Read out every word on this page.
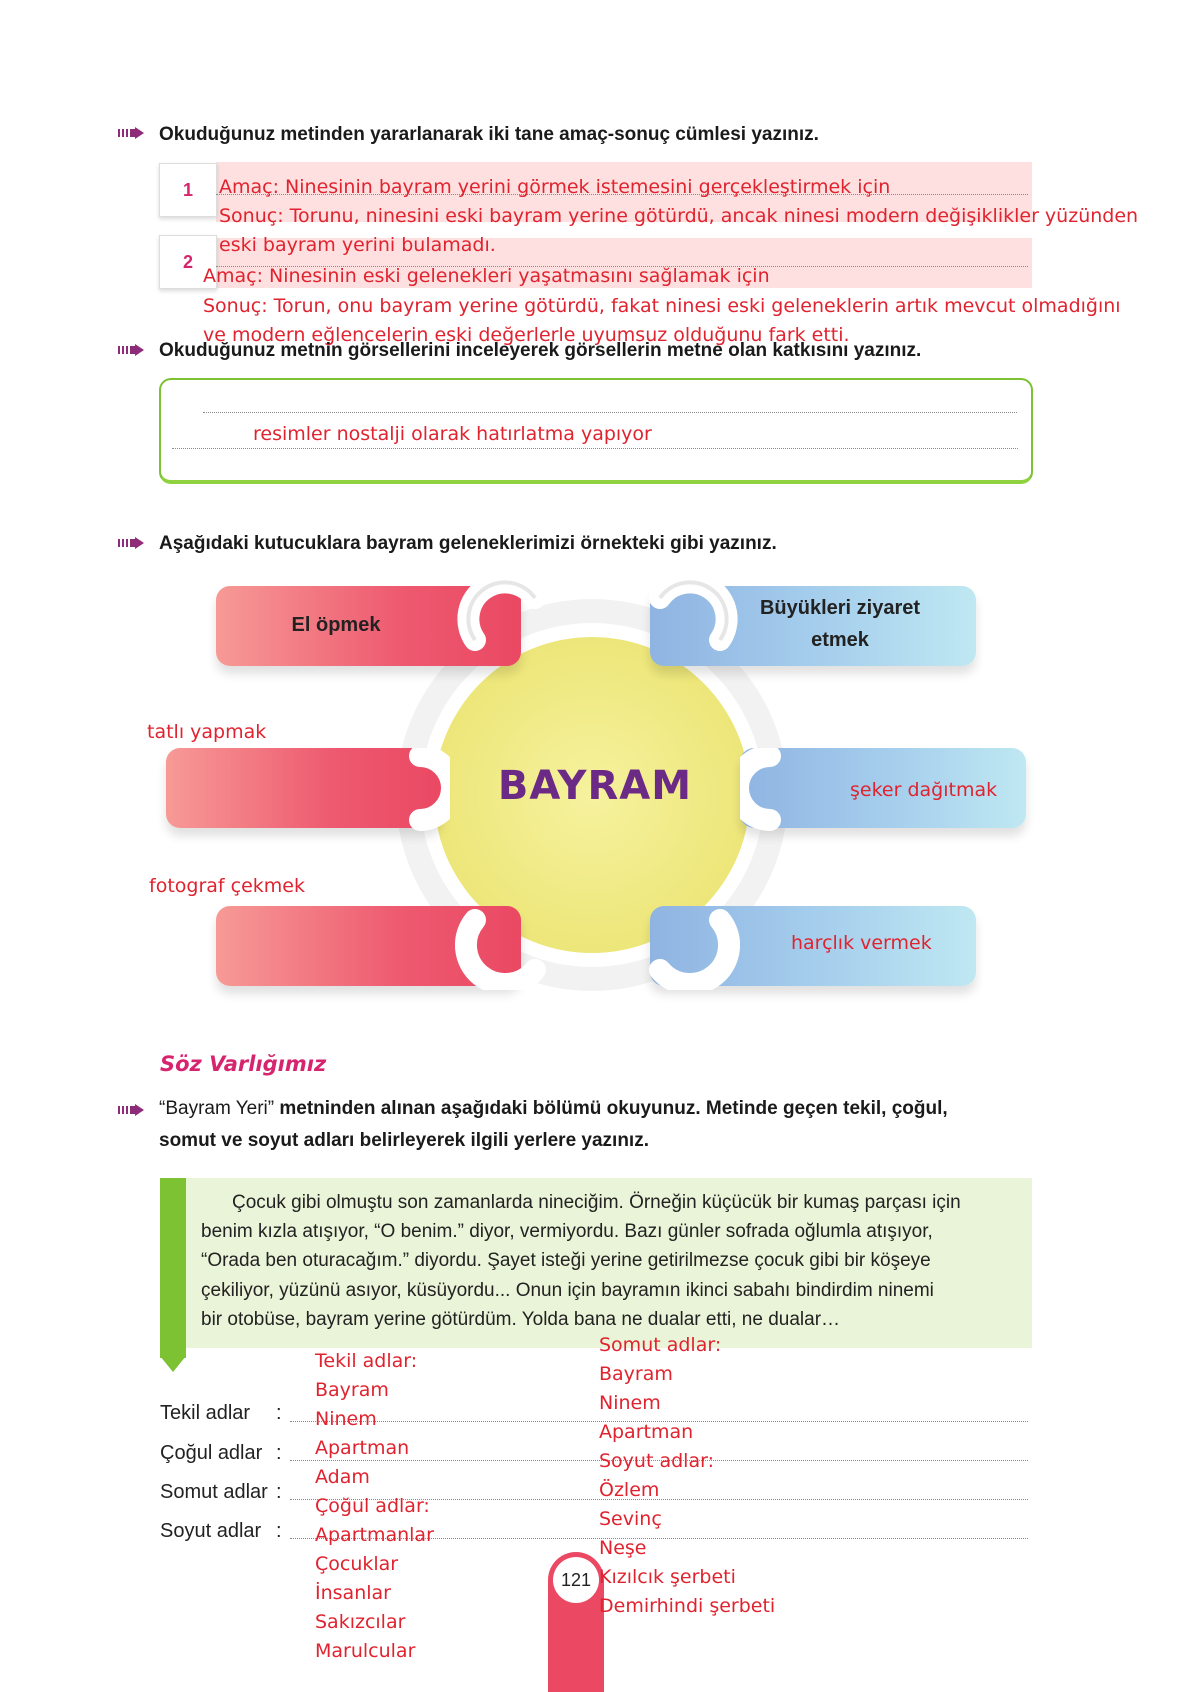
Okuduğunuz metinden yararlanarak iki tane amaç-sonuç cümlesi yazınız.
1
2
Amaç: Ninesinin bayram yerini görmek istemesini gerçekleştirmek için
Sonuç: Torunu, ninesini eski bayram yerine götürdü, ancak ninesi modern değişiklikler yüzünden
eski bayram yerini bulamadı.
Amaç: Ninesinin eski gelenekleri yaşatmasını sağlamak için
Sonuç: Torun, onu bayram yerine götürdü, fakat ninesi eski geleneklerin artık mevcut olmadığını
ve modern eğlencelerin eski değerlerle uyumsuz olduğunu fark etti.
Okuduğunuz metnin görsellerini inceleyerek görsellerin metne olan katkısını yazınız.
resimler nostalji olarak hatırlatma yapıyor
Aşağıdaki kutucuklara bayram geleneklerimizi örnekteki gibi yazınız.
BAYRAM
El öpmek
Büyükleri ziyaret
etmek
tatlı yapmak
şeker dağıtmak
fotograf çekmek
harçlık vermek
Söz Varlığımız
“Bayram Yeri” metninden alınan aşağıdaki bölümü okuyunuz. Metinde geçen tekil, çoğul,
somut ve soyut adları belirleyerek ilgili yerlere yazınız.
Çocuk gibi olmuştu son zamanlarda nineciğim. Örneğin küçücük bir kumaş parçası için
benim kızla atışıyor, “O benim.” diyor, vermiyordu. Bazı günler sofrada oğlumla atışıyor,
“Orada ben oturacağım.” diyordu. Şayet isteği yerine getirilmezse çocuk gibi bir köşeye
çekiliyor, yüzünü asıyor, küsüyordu... Onun için bayramın ikinci sabahı bindirdim ninemi
bir otobüse, bayram yerine götürdüm. Yolda bana ne dualar etti, ne dualar…
Tekil adlar :
Çoğul adlar :
Somut adlar :
Soyut adlar :
Tekil adlar:
Bayram
Ninem
Apartman
Adam
Çoğul adlar:
Apartmanlar
Çocuklar
İnsanlar
Sakızcılar
Marulcular
121
Somut adlar:
Bayram
Ninem
Apartman
Soyut adlar:
Özlem
Sevinç
Neşe
Kızılcık şerbeti
Demirhindi şerbeti
